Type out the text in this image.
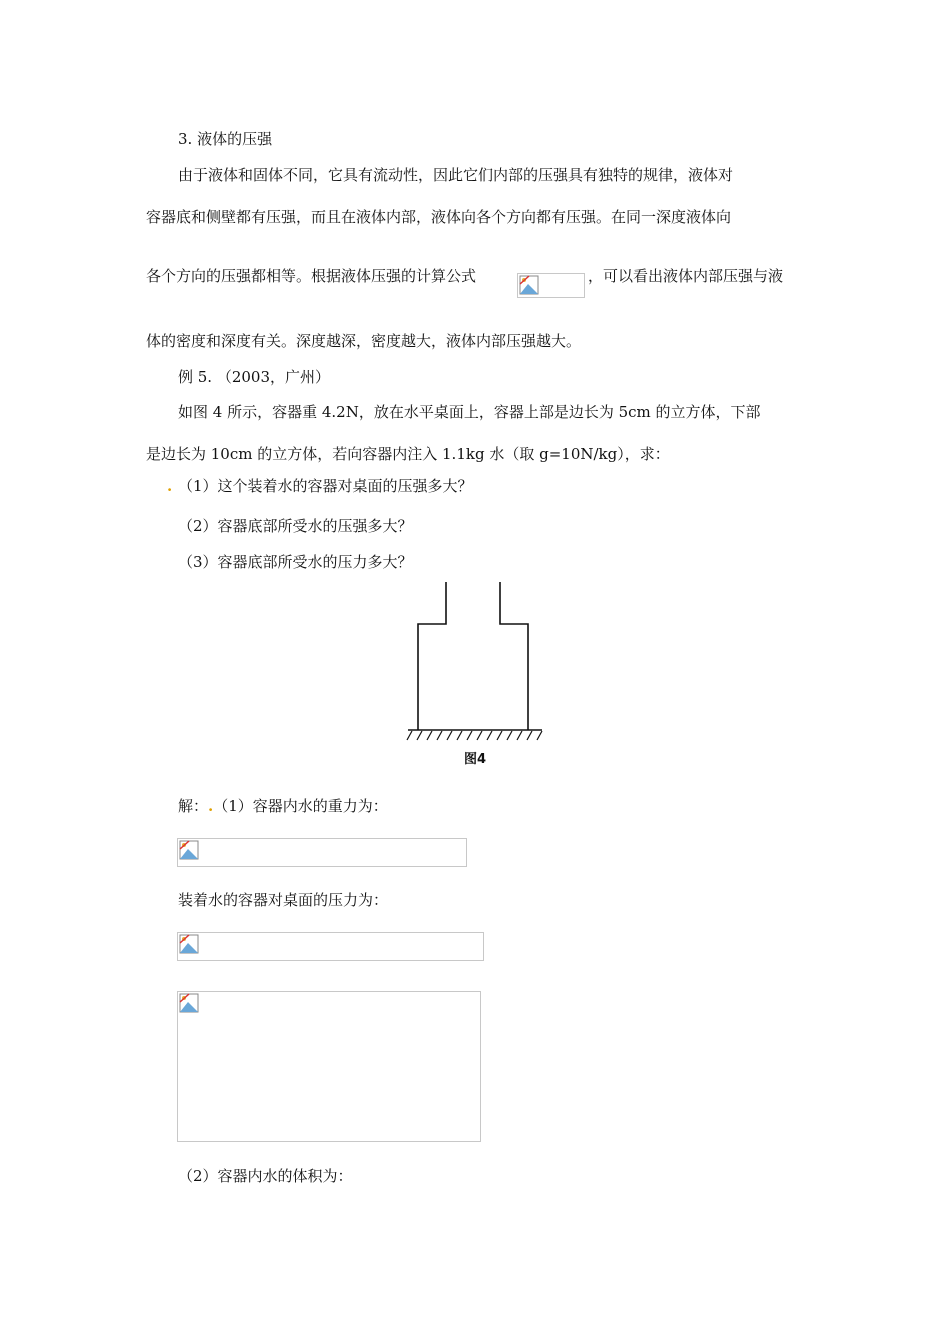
3. 液体的压强
由于液体和固体不同，它具有流动性，因此它们内部的压强具有独特的规律，液体对
容器底和侧壁都有压强，而且在液体内部，液体向各个方向都有压强。在同一深度液体向
各个方向的压强都相等。根据液体压强的计算公式	，可以看出液体内部压强与液
体的密度和深度有关。深度越深，密度越大，液体内部压强越大。
例 5. （2003，广州）
如图 4 所示，容器重 4.2N，放在水平桌面上，容器上部是边长为 5cm 的立方体，下部
是边长为 10cm 的立方体，若向容器内注入 1.1kg 水（取 g=10N/kg），求：
. （1）这个装着水的容器对桌面的压强多大？
（2）容器底部所受水的压强多大？
（3）容器底部所受水的压力多大？
图4
解：.（1）容器内水的重力为：
装着水的容器对桌面的压力为：
（2）容器内水的体积为：
